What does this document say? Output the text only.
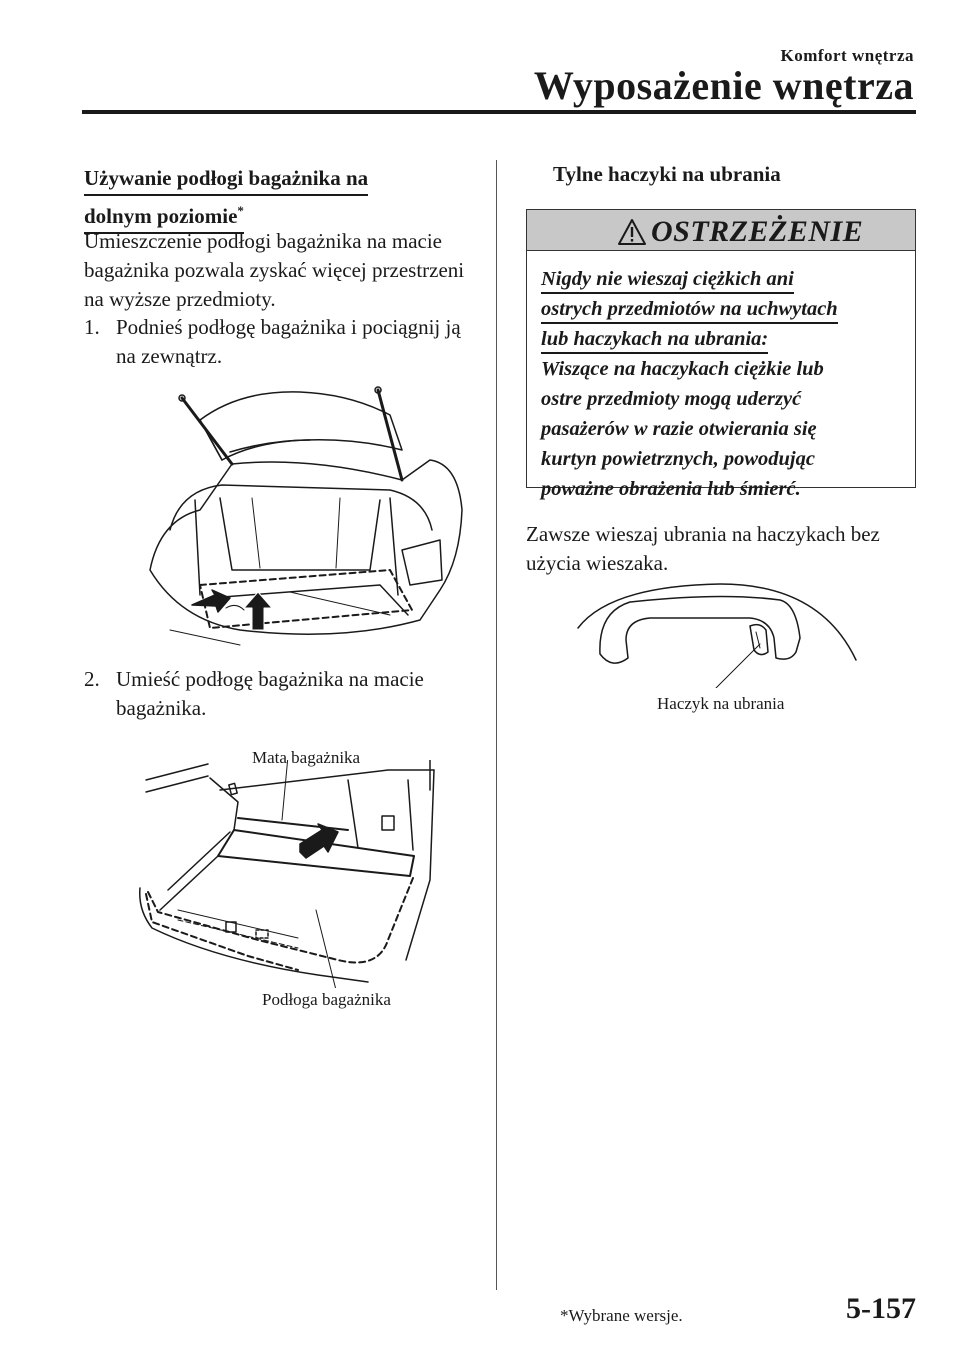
Komfort wnętrza
Wyposażenie wnętrza
Używanie podłogi bagażnika na
dolnym poziomie*
Umieszczenie podłogi bagażnika na macie bagażnika pozwala zyskać więcej przestrzeni na wyższe przedmioty.
1. Podnieś podłogę bagażnika i pociągnij ją na zewnątrz.
2. Umieść podłogę bagażnika na macie bagażnika.
Mata bagażnika
Podłoga bagażnika
Tylne haczyki na ubrania
OSTRZEŻENIE
Nigdy nie wieszaj ciężkich ani
ostrych przedmiotów na uchwytach
lub haczykach na ubrania:
Wiszące na haczykach ciężkie lub
ostre przedmioty mogą uderzyć
pasażerów w razie otwierania się
kurtyn powietrznych, powodując
poważne obrażenia lub śmierć.
Zawsze wieszaj ubrania na haczykach bez użycia wieszaka.
Haczyk na ubrania
*Wybrane wersje.	5-157
